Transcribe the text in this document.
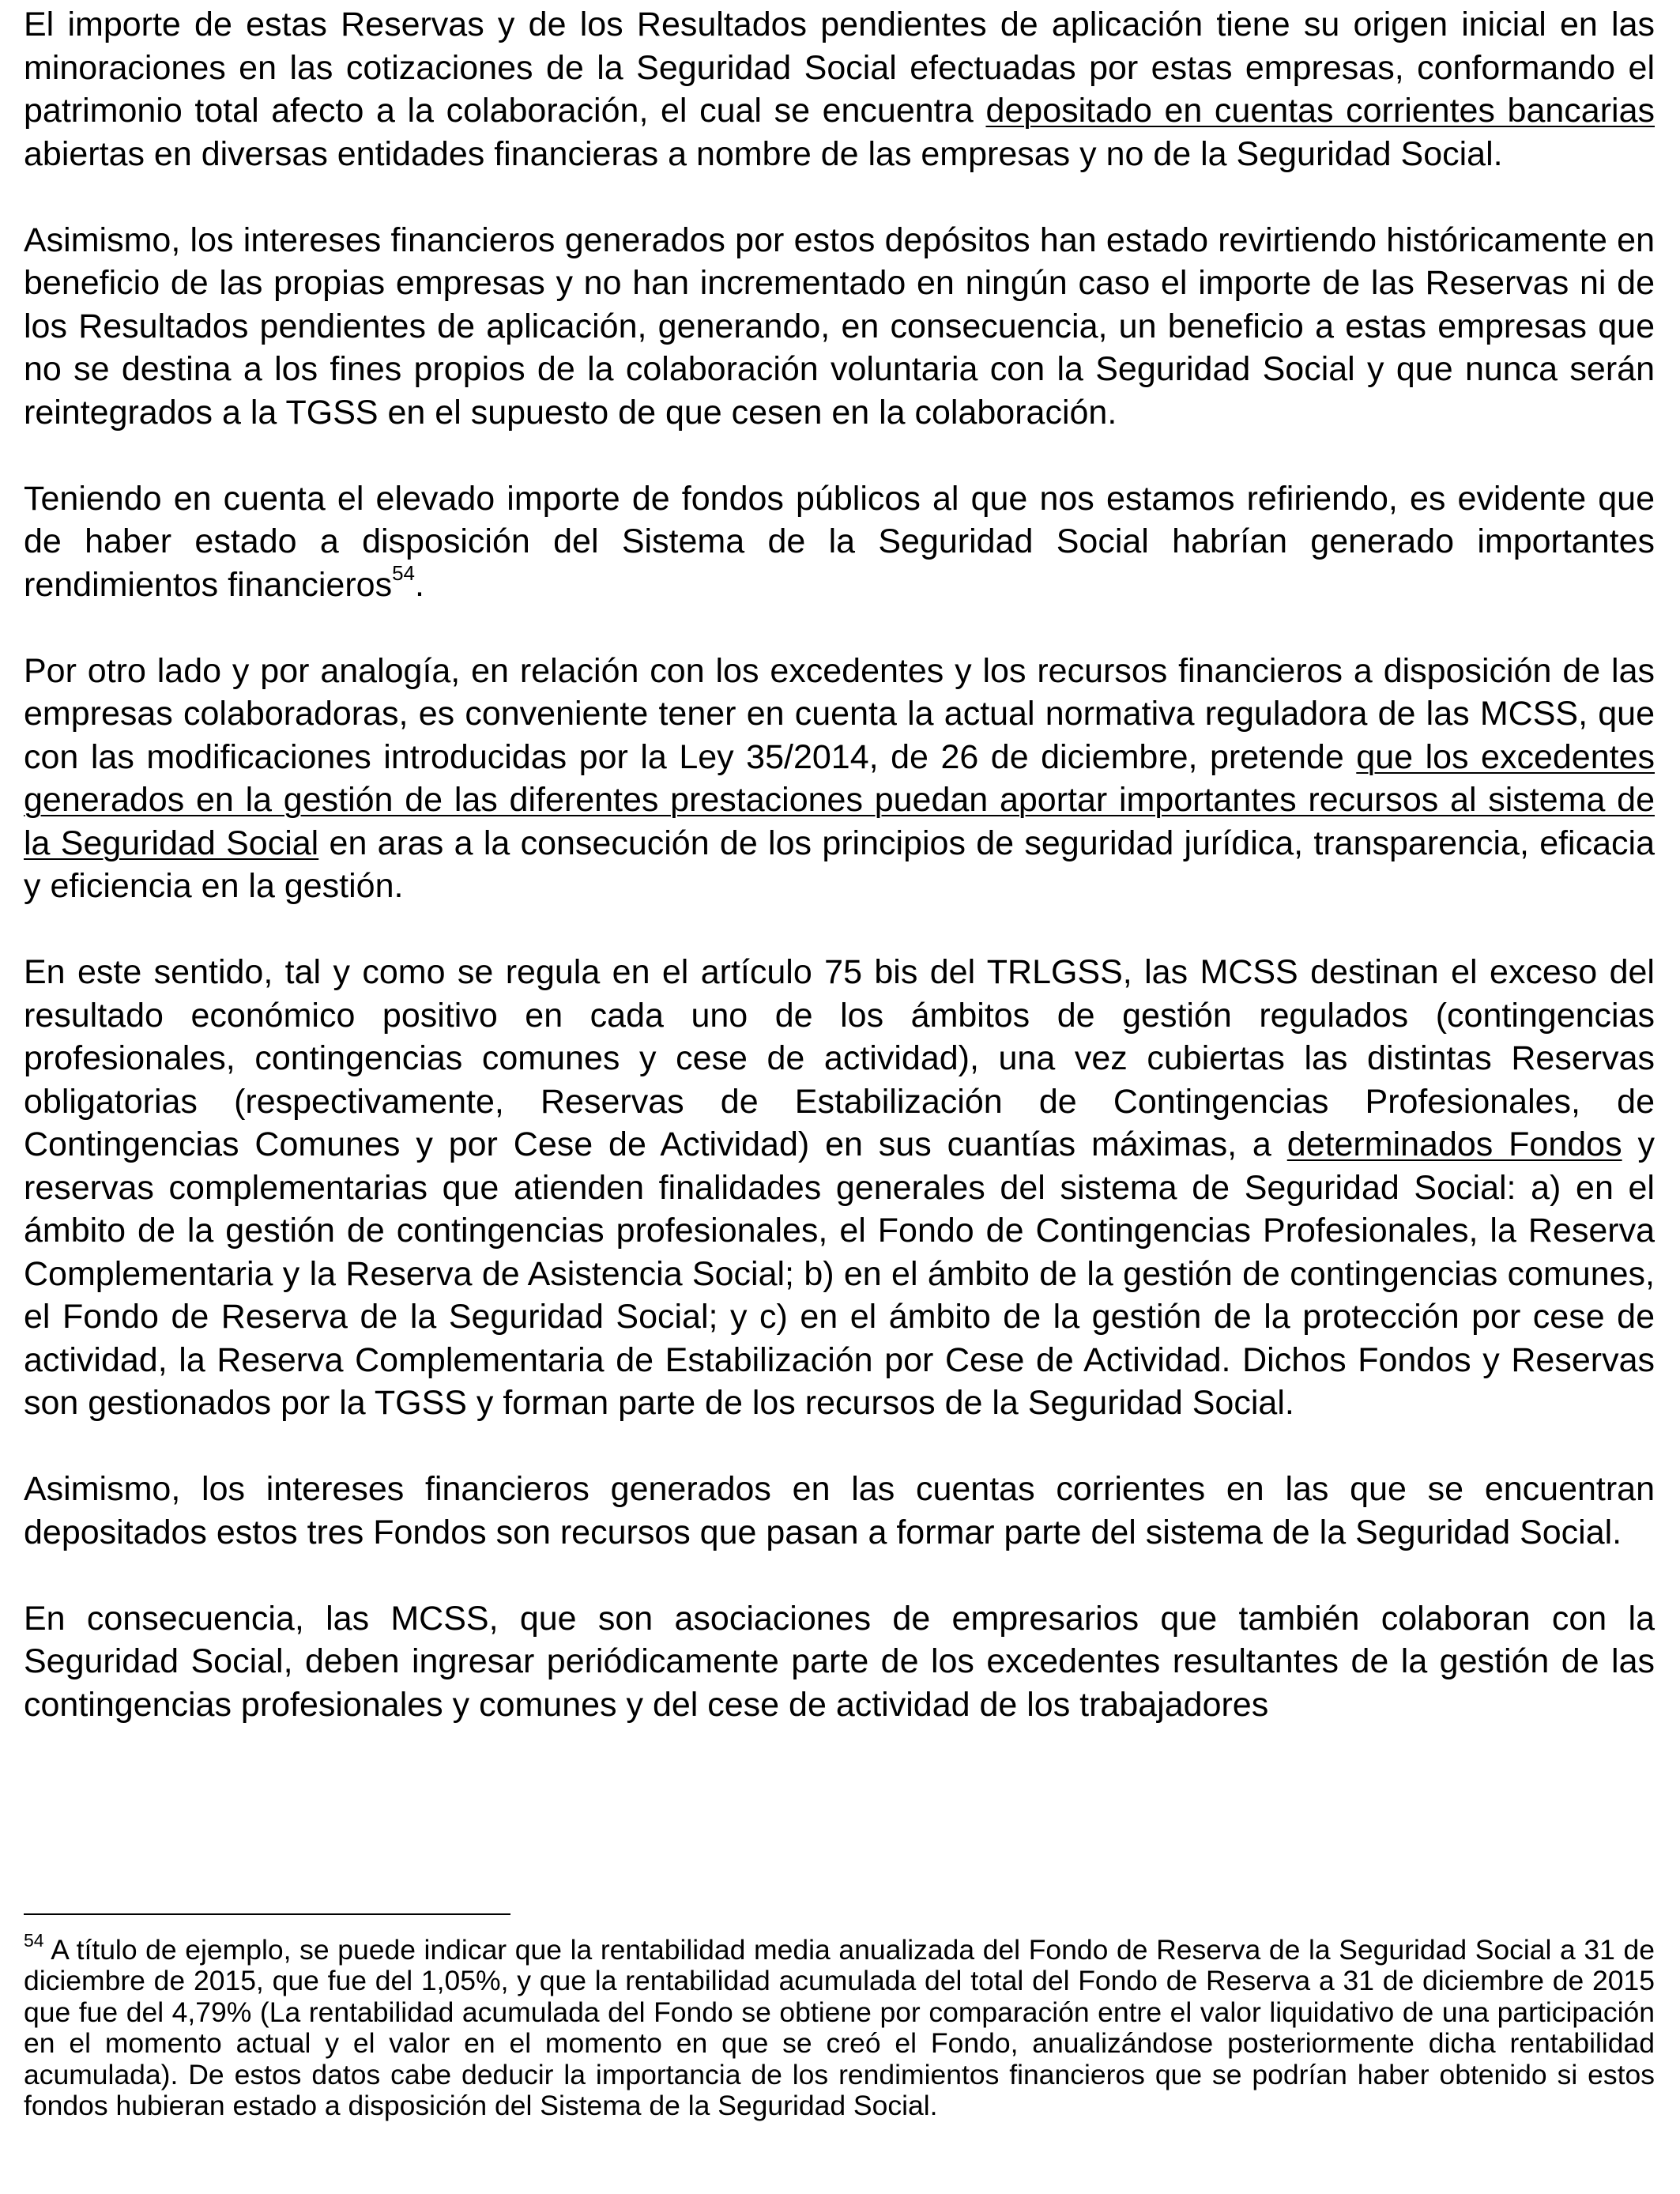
El importe de estas Reservas y de los Resultados pendientes de aplicación tiene su origen inicial en las minoraciones en las cotizaciones de la Seguridad Social efectuadas por estas empresas, conformando el patrimonio total afecto a la colaboración, el cual se encuentra depositado en cuentas corrientes bancarias abiertas en diversas entidades financieras a nombre de las empresas y no de la Seguridad Social.

Asimismo, los intereses financieros generados por estos depósitos han estado revirtiendo históricamente en beneficio de las propias empresas y no han incrementado en ningún caso el importe de las Reservas ni de los Resultados pendientes de aplicación, generando, en consecuencia, un beneficio a estas empresas que no se destina a los fines propios de la colaboración voluntaria con la Seguridad Social y que nunca serán reintegrados a la TGSS en el supuesto de que cesen en la colaboración.

Teniendo en cuenta el elevado importe de fondos públicos al que nos estamos refiriendo, es evidente que de haber estado a disposición del Sistema de la Seguridad Social habrían generado importantes rendimientos financieros$^{54}$.

Por otro lado y por analogía, en relación con los excedentes y los recursos financieros a disposición de las empresas colaboradoras, es conveniente tener en cuenta la actual normativa reguladora de las MCSS, que con las modificaciones introducidas por la Ley 35/2014, de 26 de diciembre, pretende que los excedentes generados en la gestión de las diferentes prestaciones puedan aportar importantes recursos al sistema de la Seguridad Social en aras a la consecución de los principios de seguridad jurídica, transparencia, eficacia y eficiencia en la gestión.

En este sentido, tal y como se regula en el artículo 75 bis del TRLGSS, las MCSS destinan el exceso del resultado económico positivo en cada uno de los ámbitos de gestión regulados (contingencias profesionales, contingencias comunes y cese de actividad), una vez cubiertas las distintas Reservas obligatorias (respectivamente, Reservas de Estabilización de Contingencias Profesionales, de Contingencias Comunes y por Cese de Actividad) en sus cuantías máximas, a determinados Fondos y reservas complementarias que atienden finalidades generales del sistema de Seguridad Social: a) en el ámbito de la gestión de contingencias profesionales, el Fondo de Contingencias Profesionales, la Reserva Complementaria y la Reserva de Asistencia Social; b) en el ámbito de la gestión de contingencias comunes, el Fondo de Reserva de la Seguridad Social; y c) en el ámbito de la gestión de la protección por cese de actividad, la Reserva Complementaria de Estabilización por Cese de Actividad. Dichos Fondos y Reservas son gestionados por la TGSS y forman parte de los recursos de la Seguridad Social.

Asimismo, los intereses financieros generados en las cuentas corrientes en las que se encuentran depositados estos tres Fondos son recursos que pasan a formar parte del sistema de la Seguridad Social.

En consecuencia, las MCSS, que son asociaciones de empresarios que también colaboran con la Seguridad Social, deben ingresar periódicamente parte de los excedentes resultantes de la gestión de las contingencias profesionales y comunes y del cese de actividad de los trabajadores

$^{54}$ A título de ejemplo, se puede indicar que la rentabilidad media anualizada del Fondo de Reserva de la Seguridad Social a 31 de diciembre de 2015, que fue del 1,05%, y que la rentabilidad acumulada del total del Fondo de Reserva a 31 de diciembre de 2015 que fue del 4,79% (La rentabilidad acumulada del Fondo se obtiene por comparación entre el valor liquidativo de una participación en el momento actual y el valor en el momento en que se creó el Fondo, anualizándose posteriormente dicha rentabilidad acumulada). De estos datos cabe deducir la importancia de los rendimientos financieros que se podrían haber obtenido si estos fondos hubieran estado a disposición del Sistema de la Seguridad Social.
